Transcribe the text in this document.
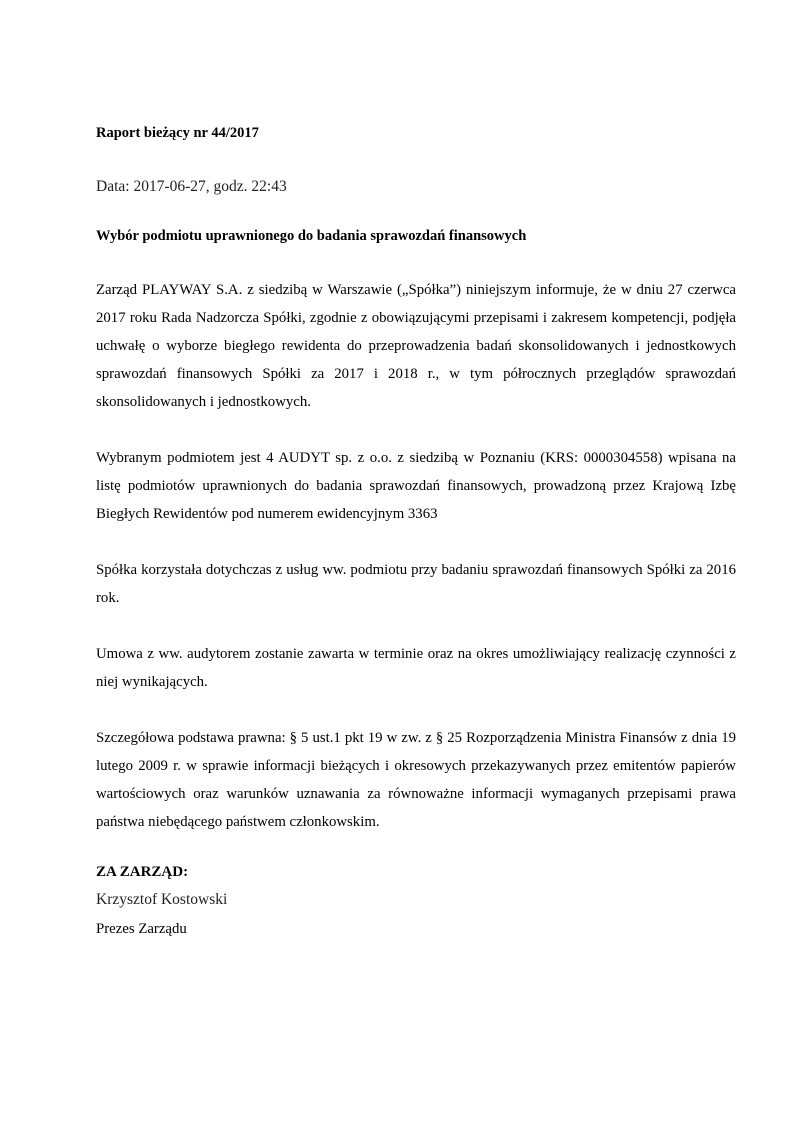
Raport bieżący nr 44/2017

Data: 2017-06-27, godz. 22:43

Wybór podmiotu uprawnionego do badania sprawozdań finansowych

Zarząd PLAYWAY S.A. z siedzibą w Warszawie („Spółka”) niniejszym informuje, że w dniu 27 czerwca 2017 roku Rada Nadzorcza Spółki, zgodnie z obowiązującymi przepisami i zakresem kompetencji, podjęła uchwałę o wyborze biegłego rewidenta do przeprowadzenia badań skonsolidowanych i jednostkowych sprawozdań finansowych Spółki za 2017 i 2018 r., w tym półrocznych przeglądów sprawozdań skonsolidowanych i jednostkowych.

Wybranym podmiotem jest 4 AUDYT sp. z o.o. z siedzibą w Poznaniu (KRS: 0000304558) wpisana na listę podmiotów uprawnionych do badania sprawozdań finansowych, prowadzoną przez Krajową Izbę Biegłych Rewidentów pod numerem ewidencyjnym 3363

Spółka korzystała dotychczas z usług ww. podmiotu przy badaniu sprawozdań finansowych Spółki za 2016 rok.

Umowa z ww. audytorem zostanie zawarta w terminie oraz na okres umożliwiający realizację czynności z niej wynikających.

Szczegółowa podstawa prawna: § 5 ust.1 pkt 19 w zw. z § 25 Rozporządzenia Ministra Finansów z dnia 19 lutego 2009 r. w sprawie informacji bieżących i okresowych przekazywanych przez emitentów papierów wartościowych oraz warunków uznawania za równoważne informacji wymaganych przepisami prawa państwa niebędącego państwem członkowskim.

ZA ZARZĄD:

Krzysztof Kostowski

Prezes Zarządu
